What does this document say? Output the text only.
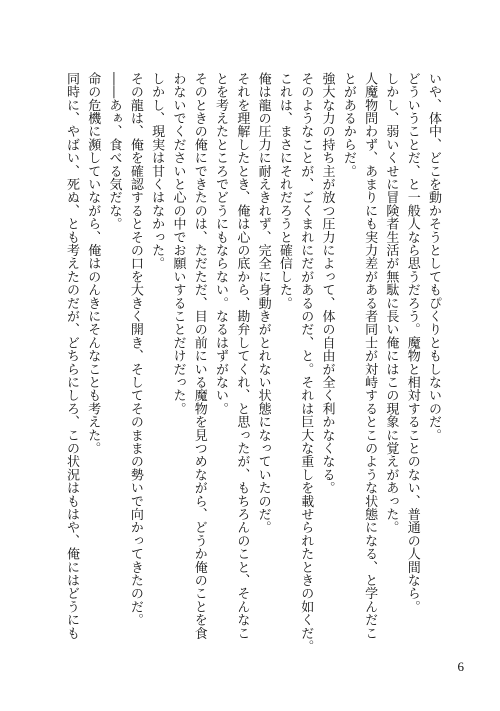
いや、体中、どこを動かそうとしてもぴくりともしないのだ。

どういうことだ、と一般人なら思うだろう。魔物と相対することのない、普通の人間なら。

しかし、弱いくせに冒険者生活が無駄に長い俺にはこの現象に覚えがあった。

人魔物問わず、あまりにも実力差がある者同士が対峙するとこのような状態になる、と学んだこ

とがあるからだ。

強大な力の持ち主が放つ圧力によって、体の自由が全く利かなくなる。

そのようなことが、ごくまれにだがあるのだ、と。それは巨大な重しを載せられたときの如くだ。

これは、まさにそれだろうと確信した。

俺は龍の圧力に耐えきれず、完全に身動きがとれない状態になっていたのだ。

それを理解したとき、俺は心の底から、勘弁してくれ、と思ったが、もちろんのこと、そんなこ

とを考えたところでどうにもならない。なるはずがない。

そのときの俺にできたのは、ただただ、目の前にいる魔物を見つめながら、どうか俺のことを食

わないでくださいと心の中でお願いすることだけだった。

しかし、現実は甘くはなかった。

その龍は、俺を確認するとその口を大きく開き、そしてそのままの勢いで向かってきたのだ。

――あぁ、食べる気だな。

命の危機に瀕していながら、俺はのんきにそんなことも考えた。

同時に、やばい、死ぬ、とも考えたのだが、どちらにしろ、この状況はもはや、俺にはどうにも

6
